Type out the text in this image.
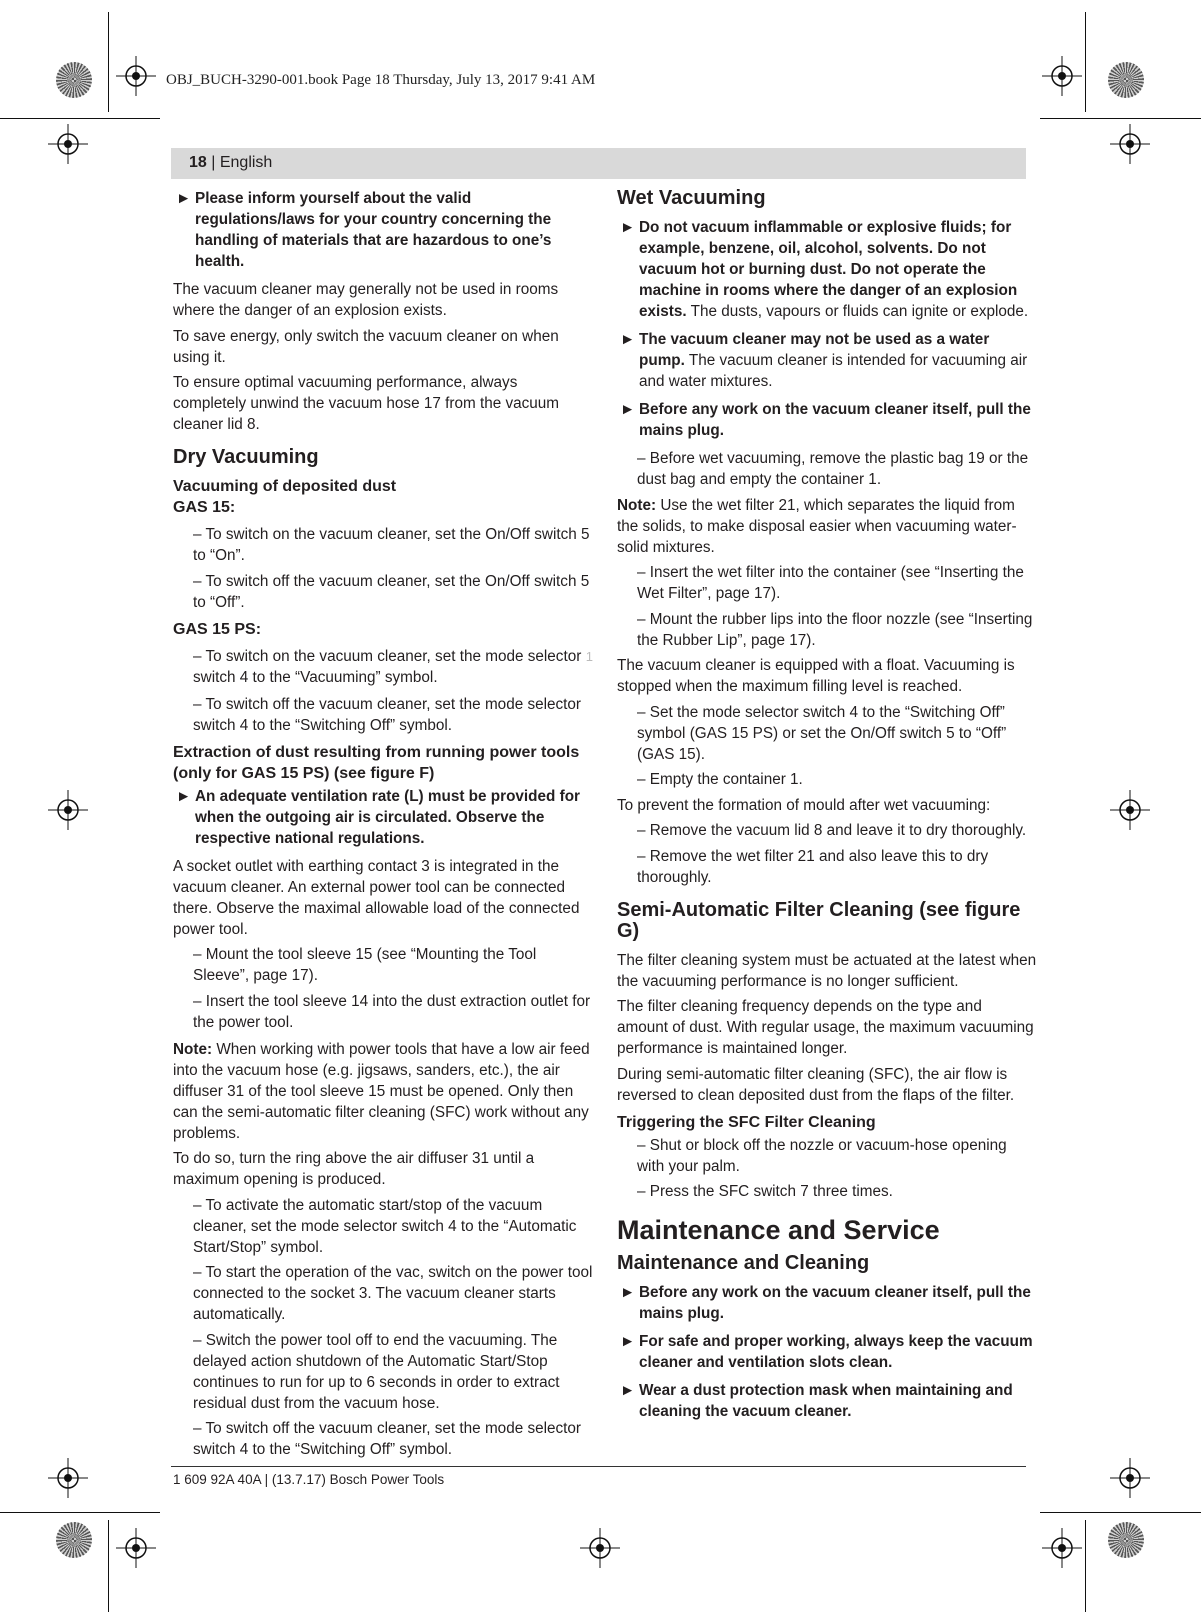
OBJ_BUCH-3290-001.book Page 18 Thursday, July 13, 2017 9:41 AM
18 | English
► Please inform yourself about the valid regulations/laws for your country concerning the handling of materials that are hazardous to one’s health.

The vacuum cleaner may generally not be used in rooms where the danger of an explosion exists.

To save energy, only switch the vacuum cleaner on when using it.

To ensure optimal vacuuming performance, always completely unwind the vacuum hose 17 from the vacuum cleaner lid 8.

Dry Vacuuming
Vacuuming of deposited dust
GAS 15:

– To switch on the vacuum cleaner, set the On/Off switch 5 to “On”.

– To switch off the vacuum cleaner, set the On/Off switch 5 to “Off”.

GAS 15 PS:

1
– To switch on the vacuum cleaner, set the mode selector switch 4 to the “Vacuuming” symbol.

– To switch off the vacuum cleaner, set the mode selector switch 4 to the “Switching Off” symbol.

Extraction of dust resulting from running power tools (only for GAS 15 PS) (see figure F)
► An adequate ventilation rate (L) must be provided for when the outgoing air is circulated. Observe the respective national regulations.

A socket outlet with earthing contact 3 is integrated in the vacuum cleaner. An external power tool can be connected there. Observe the maximal allowable load of the connected power tool.

– Mount the tool sleeve 15 (see “Mounting the Tool Sleeve”, page 17).

– Insert the tool sleeve 14 into the dust extraction outlet for the power tool.

Note: When working with power tools that have a low air feed into the vacuum hose (e.g. jigsaws, sanders, etc.), the air diffuser 31 of the tool sleeve 15 must be opened. Only then can the semi-automatic filter cleaning (SFC) work without any problems.

To do so, turn the ring above the air diffuser 31 until a maximum opening is produced.

– To activate the automatic start/stop of the vacuum cleaner, set the mode selector switch 4 to the “Automatic Start/Stop” symbol.

– To start the operation of the vac, switch on the power tool connected to the socket 3. The vacuum cleaner starts automatically.

– Switch the power tool off to end the vacuuming. The delayed action shutdown of the Automatic Start/Stop continues to run for up to 6 seconds in order to extract residual dust from the vacuum hose.

– To switch off the vacuum cleaner, set the mode selector switch 4 to the “Switching Off” symbol.

Wet Vacuuming
► Do not vacuum inflammable or explosive fluids; for example, benzene, oil, alcohol, solvents. Do not vacuum hot or burning dust. Do not operate the machine in rooms where the danger of an explosion exists. The dusts, vapours or fluids can ignite or explode.
► The vacuum cleaner may not be used as a water pump. The vacuum cleaner is intended for vacuuming air and water mixtures.
► Before any work on the vacuum cleaner itself, pull the mains plug.

– Before wet vacuuming, remove the plastic bag 19 or the dust bag and empty the container 1.

Note: Use the wet filter 21, which separates the liquid from the solids, to make disposal easier when vacuuming water-solid mixtures.

– Insert the wet filter into the container (see “Inserting the Wet Filter”, page 17).

– Mount the rubber lips into the floor nozzle (see “Inserting the Rubber Lip”, page 17).

The vacuum cleaner is equipped with a float. Vacuuming is stopped when the maximum filling level is reached.

– Set the mode selector switch 4 to the “Switching Off” symbol (GAS 15 PS) or set the On/Off switch 5 to “Off” (GAS 15).

– Empty the container 1.

To prevent the formation of mould after wet vacuuming:

– Remove the vacuum lid 8 and leave it to dry thoroughly.

– Remove the wet filter 21 and also leave this to dry thoroughly.

Semi-Automatic Filter Cleaning (see figure G)

The filter cleaning system must be actuated at the latest when the vacuuming performance is no longer sufficient.

The filter cleaning frequency depends on the type and amount of dust. With regular usage, the maximum vacuuming performance is maintained longer.

During semi-automatic filter cleaning (SFC), the air flow is reversed to clean deposited dust from the flaps of the filter.

Triggering the SFC Filter Cleaning

– Shut or block off the nozzle or vacuum-hose opening with your palm.

– Press the SFC switch 7 three times.

Maintenance and Service
Maintenance and Cleaning
► Before any work on the vacuum cleaner itself, pull the mains plug.
► For safe and proper working, always keep the vacuum cleaner and ventilation slots clean.
► Wear a dust protection mask when maintaining and cleaning the vacuum cleaner.
1 609 92A 40A | (13.7.17) Bosch Power Tools
